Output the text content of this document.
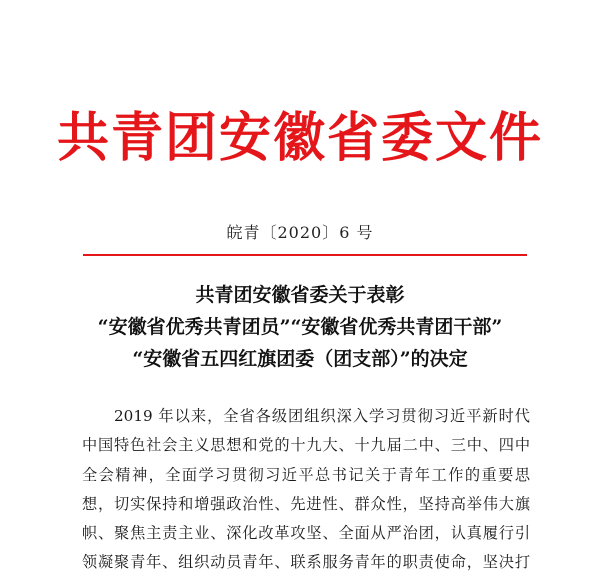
共青团安徽省委文件
皖青〔2020〕6 号
共青团安徽省委关于表彰
“安徽省优秀共青团员”“安徽省优秀共青团干部”
“安徽省五四红旗团委（团支部）”的决定
2019 年以来，全省各级团组织深入学习贯彻习近平新时代
中国特色社会主义思想和党的十九大、十九届二中、三中、四中
全会精神，全面学习贯彻习近平总书记关于青年工作的重要思
想，切实保持和增强政治性、先进性、群众性，坚持高举伟大旗
帜、聚焦主责主业、深化改革攻坚、全面从严治团，认真履行引
领凝聚青年、组织动员青年、联系服务青年的职责使命，坚决打
